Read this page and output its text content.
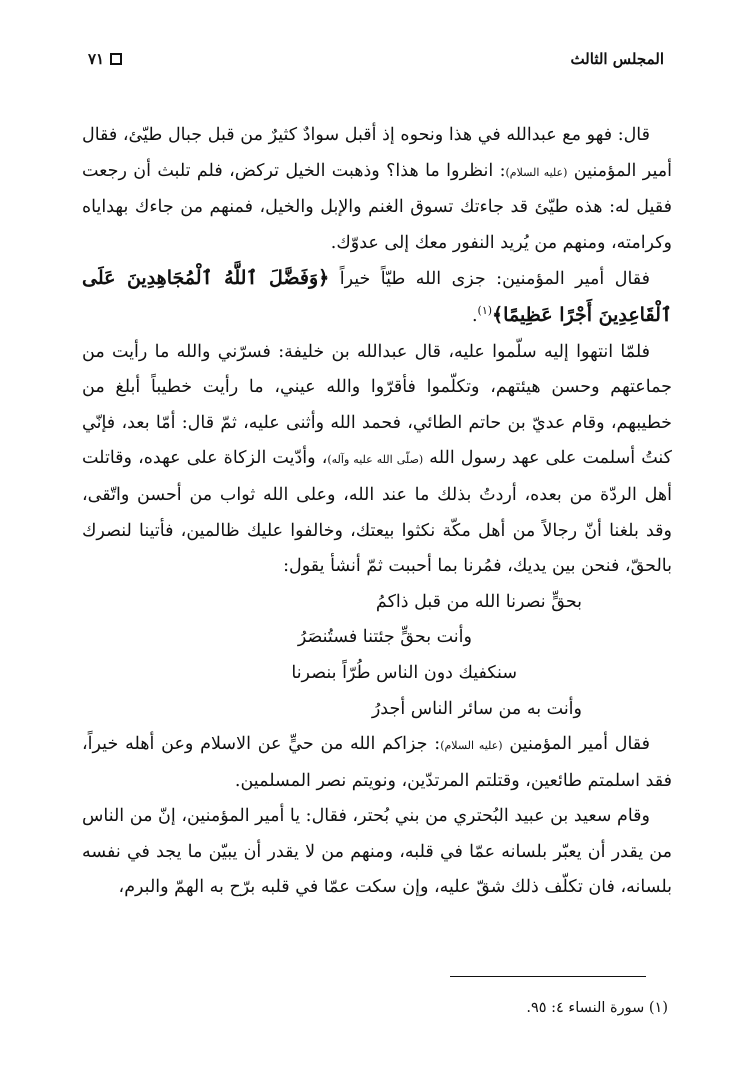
المجلس الثالث
٧١

قال: فهو مع عبدالله في هذا ونحوه إذ أقبل سوادٌ كثيرٌ من قبل جبال طيّئ، فقال أمير المؤمنين (عليه السلام): انظروا ما هذا؟ وذهبت الخيل تركض، فلم تلبث أن رجعت فقيل له: هذه طيّئ قد جاءتك تسوق الغنم والإبل والخيل، فمنهم من جاءك بهداياه وكرامته، ومنهم من يُريد النفور معك إلى عدوّك.

فقال أمير المؤمنين: جزى الله طيّاً خيراً ﴿وَفَضَّلَ ٱللَّهُ ٱلْمُجَاهِدِينَ عَلَى ٱلْقَاعِدِينَ أَجْرًا عَظِيمًا﴾$^{(١)}$.

فلمّا انتهوا إليه سلّموا عليه، قال عبدالله بن خليفة: فسرّني والله ما رأيت من جماعتهم وحسن هيئتهم، وتكلّموا فأقرّوا والله عيني، ما رأيت خطيباً أبلغ من خطيبهم، وقام عديّ بن حاتم الطائي، فحمد الله وأثنى عليه، ثمّ قال: أمّا بعد، فإنّي كنتُ أسلمت على عهد رسول الله (صلّى الله عليه وآله)، وأدّيت الزكاة على عهده، وقاتلت أهل الردّة من بعده، أردتُ بذلك ما عند الله، وعلى الله ثواب من أحسن واتّقى، وقد بلغنا أنّ رجالاً من أهل مكّة نكثوا بيعتك، وخالفوا عليك ظالمين، فأتينا لنصرك بالحقّ، فنحن بين يديك، فمُرنا بما أحببت ثمّ أنشأ يقول:

بحقٍّ نصرنا الله من قبل ذاكمُ
وأنت بحقٍّ جئتنا فستُنصَرُ
سنكفيك دون الناس طُرّاً بنصرنا
وأنت به من سائر الناس أجدرُ

فقال أمير المؤمنين (عليه السلام): جزاكم الله من حيٍّ عن الاسلام وعن أهله خيراً، فقد اسلمتم طائعين، وقتلتم المرتدّين، ونويتم نصر المسلمين.

وقام سعيد بن عبيد البُحتري من بني بُحتر، فقال: يا أمير المؤمنين، إنّ من الناس من يقدر أن يعبّر بلسانه عمّا في قلبه، ومنهم من لا يقدر أن يبيّن ما يجد في نفسه بلسانه، فان تكلّف ذلك شقّ عليه، وإن سكت عمّا في قلبه برّح به الهمّ والبرم،

(١) سورة النساء ٤: ٩٥.
